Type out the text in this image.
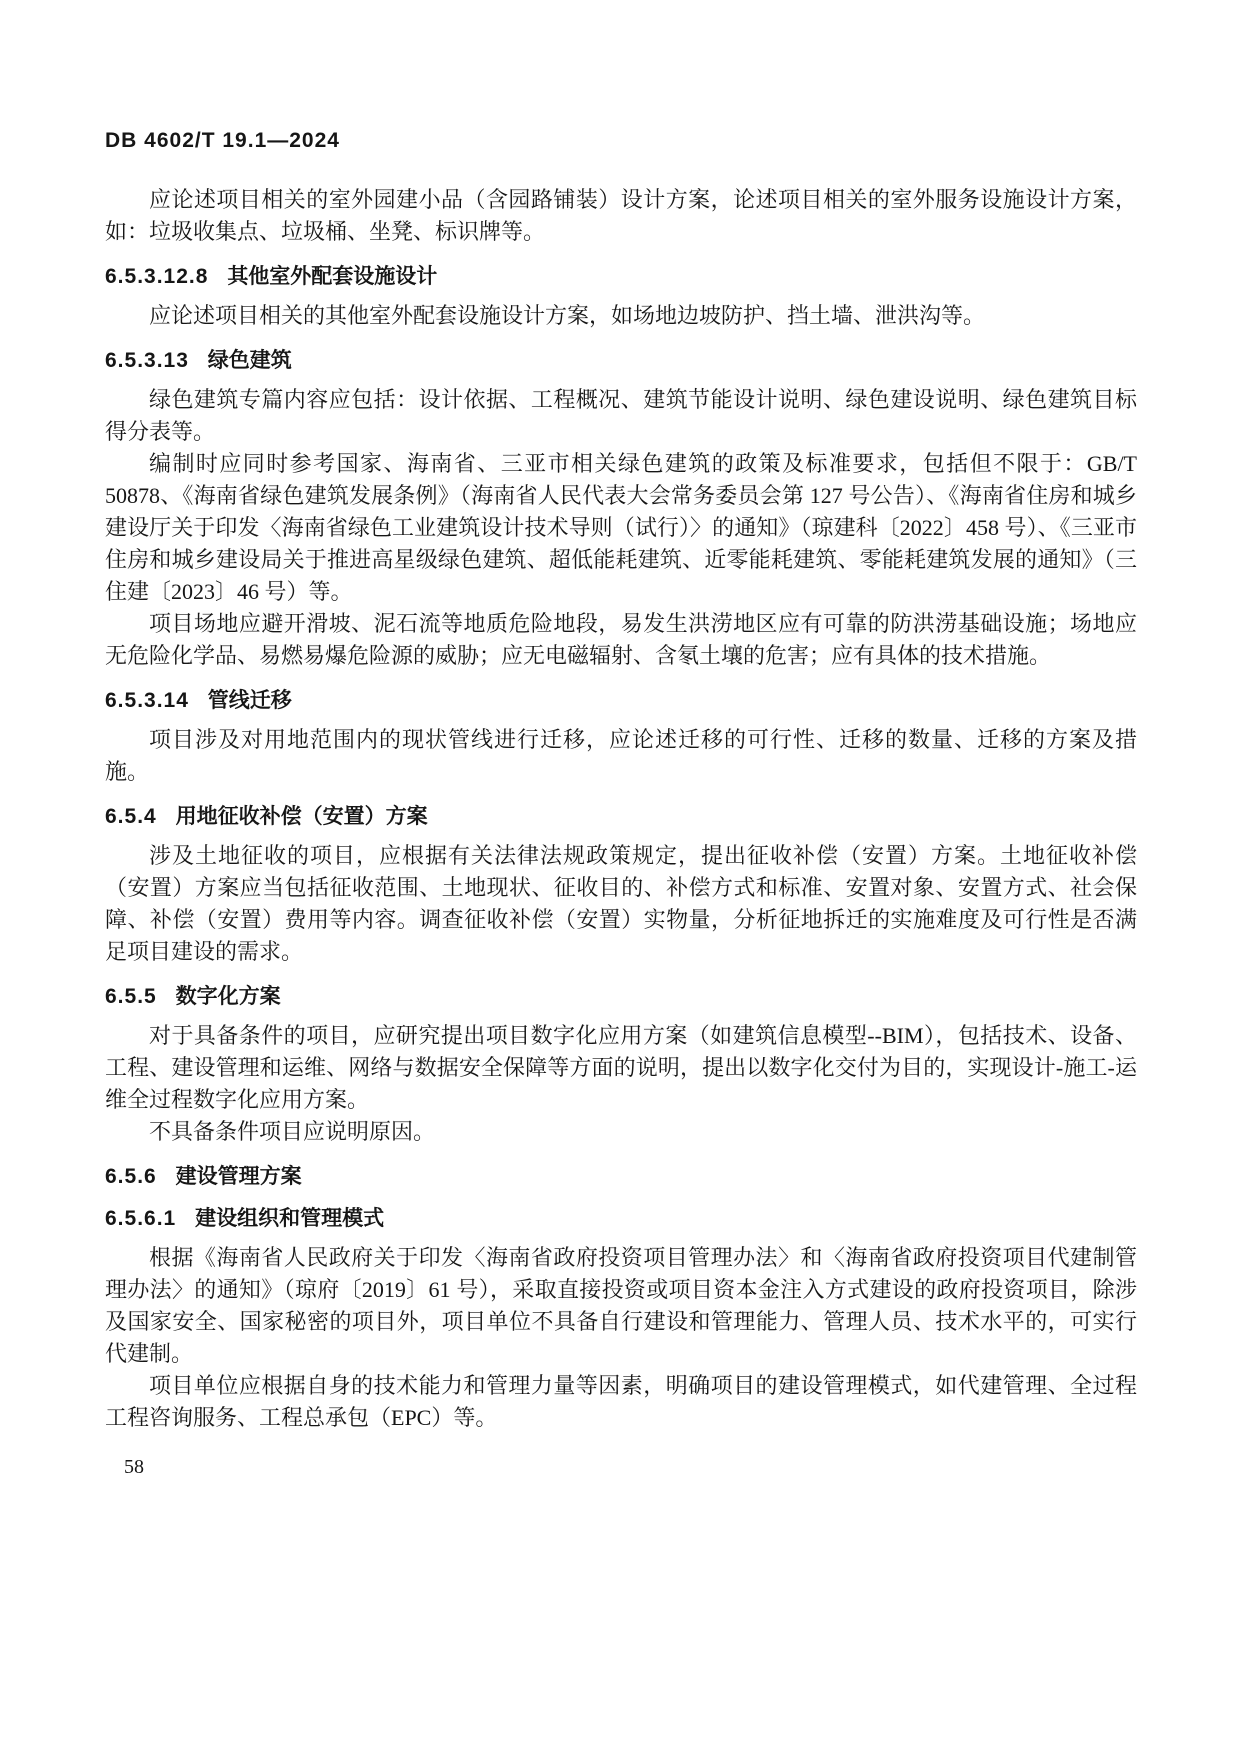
DB 4602/T 19.1—2024

应论述项目相关的室外园建小品（含园路铺装）设计方案，论述项目相关的室外服务设施设计方案，如：垃圾收集点、垃圾桶、坐凳、标识牌等。

6.5.3.12.8 其他室外配套设施设计

应论述项目相关的其他室外配套设施设计方案，如场地边坡防护、挡土墙、泄洪沟等。

6.5.3.13 绿色建筑

绿色建筑专篇内容应包括：设计依据、工程概况、建筑节能设计说明、绿色建设说明、绿色建筑目标得分表等。

编制时应同时参考国家、海南省、三亚市相关绿色建筑的政策及标准要求，包括但不限于：GB/T 50878、《海南省绿色建筑发展条例》（海南省人民代表大会常务委员会第 127 号公告）、《海南省住房和城乡建设厅关于印发〈海南省绿色工业建筑设计技术导则（试行）〉的通知》（琼建科〔2022〕458 号）、《三亚市住房和城乡建设局关于推进高星级绿色建筑、超低能耗建筑、近零能耗建筑、零能耗建筑发展的通知》（三住建〔2023〕46 号）等。

项目场地应避开滑坡、泥石流等地质危险地段，易发生洪涝地区应有可靠的防洪涝基础设施；场地应无危险化学品、易燃易爆危险源的威胁；应无电磁辐射、含氡土壤的危害；应有具体的技术措施。

6.5.3.14 管线迁移

项目涉及对用地范围内的现状管线进行迁移，应论述迁移的可行性、迁移的数量、迁移的方案及措施。

6.5.4 用地征收补偿（安置）方案

涉及土地征收的项目，应根据有关法律法规政策规定，提出征收补偿（安置）方案。土地征收补偿（安置）方案应当包括征收范围、土地现状、征收目的、补偿方式和标准、安置对象、安置方式、社会保障、补偿（安置）费用等内容。调查征收补偿（安置）实物量，分析征地拆迁的实施难度及可行性是否满足项目建设的需求。

6.5.5 数字化方案

对于具备条件的项目，应研究提出项目数字化应用方案（如建筑信息模型--BIM），包括技术、设备、工程、建设管理和运维、网络与数据安全保障等方面的说明，提出以数字化交付为目的，实现设计-施工-运维全过程数字化应用方案。

不具备条件项目应说明原因。

6.5.6 建设管理方案
6.5.6.1 建设组织和管理模式

根据《海南省人民政府关于印发〈海南省政府投资项目管理办法〉和〈海南省政府投资项目代建制管理办法〉的通知》（琼府〔2019〕61 号），采取直接投资或项目资本金注入方式建设的政府投资项目，除涉及国家安全、国家秘密的项目外，项目单位不具备自行建设和管理能力、管理人员、技术水平的，可实行代建制。

项目单位应根据自身的技术能力和管理力量等因素，明确项目的建设管理模式，如代建管理、全过程工程咨询服务、工程总承包（EPC）等。

58
